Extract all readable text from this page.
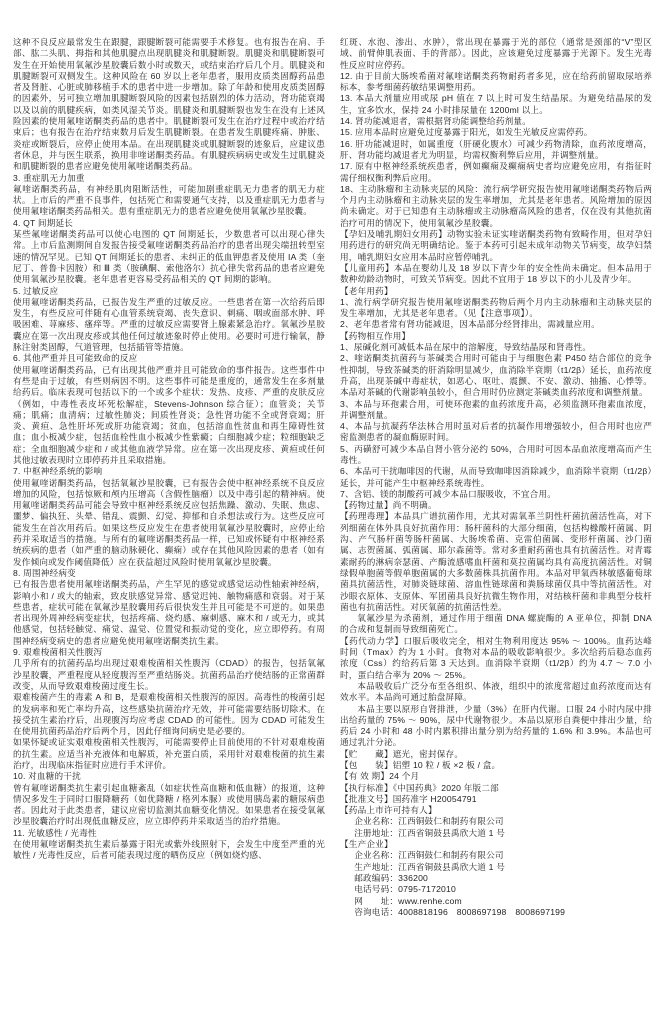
这种不良反应最常发生在跟腱，跟腱断裂可能需要手术修复。也有报告在肩、手部、肱二头肌、拇指和其他肌腱点出现肌腱炎和肌腱断裂。肌腱炎和肌腱断裂可发生在开始使用氧氟沙星胶囊后数小时或数天，或结束治疗后几个月。肌腱炎和肌腱断裂可双侧发生。这种风险在 60 岁以上老年患者，服用皮质类固醇药品患者及肾脏、心脏或肺移植手术的患者中进一步增加。除了年龄和使用皮质类固醇的因素外，另可独立增加肌腱断裂风险的因素包括剧烈的体力活动，肾功能衰竭以及以前的肌腱疾病，如类风湿关节炎。肌腱炎和肌腱断裂也发生在没有上述风险因素的使用氟喹诺酮类药品的患者中。肌腱断裂可发生在治疗过程中或治疗结束后；也有报告在治疗结束数月后发生肌腱断裂。在患者发生肌腱疼痛、肿胀、炎症或断裂后，应停止使用本品。在出现肌腱炎或肌腱断裂的迹象后，应建议患者休息，并与医生联系，换用非喹诺酮类药品。有肌腱疾病病史或发生过肌腱炎和肌腱断裂的患者应避免使用氟喹诺酮类药品。

3. 重症肌无力加重

氟喹诺酮类药品，有神经肌肉阻断活性，可能加剧重症肌无力患者的肌无力症状。上市后的严重不良事件，包括死亡和需要通气支持，以及重症肌无力患者与使用氟喹诺酮类药品相关。患有重症肌无力的患者应避免使用氧氟沙星胶囊。

4. QT 间期延长

某些氟喹诺酮类药品可以使心电图的 QT 间期延长，少数患者可以出现心律失常。上市后监测期间自发报告接受氟喹诺酮类药品治疗的患者出现尖端扭转型室速的情况罕见。已知 QT 间期延长的患者、未纠正的低血钾患者及使用 IA 类（奎尼丁、普鲁卡因胺）和 Ⅲ 类（胺碘酮、索他洛尔）抗心律失常药品的患者应避免使用氧氟沙星胶囊。老年患者更容易受药品相关的 QT 间期的影响。

5. 过敏反应

使用氟喹诺酮类药品，已报告发生严重的过敏反应。一些患者在第一次给药后即发生，有些反应可伴随有心血管系统衰竭、丧失意识、刺痛、咽或面部水肿、呼吸困难、荨麻疹、瘙痒等。严重的过敏反应需要肾上腺素紧急治疗。氧氟沙星胶囊应在第一次出现皮疹或其他任何过敏迹象时停止使用。必要时可进行输氧，静脉注射类固醇，气道管理，包括插管等措施。

6. 其他严重并且可能致命的反应

使用氟喹诺酮类药品，已有出现其他严重并且可能致命的事件报告。这些事件中有些是由于过敏，有些则病因不明。这些事件可能是重度的，通常发生在多剂量给药后。临床表现可包括以下的一个或多个症状：发热、皮疹、严重的皮肤反应（例如，中毒性表皮坏死松解症，Stevens-Johnson 综合征）；血管炎；关节痛；肌痛；血清病；过敏性肺炎；间质性肾炎；急性肾功能不全或肾衰竭；肝炎、黄疸、急性肝坏死或肝功能衰竭；贫血，包括溶血性贫血和再生障碍性贫血；血小板减少症，包括血栓性血小板减少性紫癜；白细胞减少症；粒细胞缺乏症；全血细胞减少症和 / 或其他血液学异常。应在第一次出现皮疹、黄疸或任何其他过敏表现时立即停药并且采取措施。

7. 中枢神经系统的影响

使用氟喹诺酮类药品，包括氧氟沙星胶囊，已有报告会使中枢神经系统不良反应增加的风险，包括惊厥和颅内压增高（含假性脑瘤）以及中毒引起的精神病。使用氟喹诺酮类药品可能会导致中枢神经系统反应包括焦躁、激动、失眠、焦虑、噩梦、偏执狂、头晕、错乱、震颤、幻觉、抑郁和自杀想法或行为。这些反应可能发生在首次用药后。如果这些反应发生在患者使用氧氟沙星胶囊时，应停止给药并采取适当的措施。与所有的氟喹诺酮类药品一样，已知或怀疑有中枢神经系统疾病的患者（如严重的脑动脉硬化、癫痫）或存在其他风险因素的患者（如有发作倾向或发作阈值降低）应在获益超过风险时使用氧氟沙星胶囊。

8. 周围神经病变

已有报告患者使用氟喹诺酮类药品，产生罕见的感觉或感觉运动性轴索神经病，影响小和 / 或大的轴索，致皮肤感觉异常、感觉迟钝、触物痛感和衰弱。对于某些患者，症状可能在氧氟沙星胶囊用药后很快发生并且可能是不可逆的。如果患者出现外周神经病变症状，包括疼痛、烧灼感、麻刺感、麻木和 / 或无力，或其他感觉，包括轻触觉、痛觉、温觉、位置觉和振动觉的变化，应立即停药。有周围神经病变病史的患者应避免使用氟喹诺酮类抗生素。

9. 艰难梭菌相关性腹泻

几乎所有的抗菌药品均出现过艰难梭菌相关性腹泻（CDAD）的报告，包括氧氟沙星胶囊，严重程度从轻度腹泻至严重结肠炎。抗菌药品治疗使结肠的正常菌群改变，从而导致艰难梭菌过度生长。

艰难梭菌产生的毒素 A 和 B，是艰难梭菌相关性腹泻的原因。高毒性的梭菌引起的发病率和死亡率均升高，这些感染抗菌治疗无效，并可能需要结肠切除术。在接受抗生素治疗后，出现腹泻均应考虑 CDAD 的可能性。因为 CDAD 可能发生在使用抗菌药品治疗后两个月，因此仔细询问病史是必要的。

如果怀疑或证实艰难梭菌相关性腹泻，可能需要停止目前使用的不针对艰难梭菌的抗生素。应适当补充液体和电解质，补充蛋白质，采用针对艰难梭菌的抗生素治疗，出现临床指征时应进行手术评价。

10. 对血糖的干扰

曾有氟喹诺酮类抗生素引起血糖紊乱（如症状性高血糖和低血糖）的报道，这种情况多发生于同时口服降糖药（如优降糖 / 格列本脲）或使用胰岛素的糖尿病患者。因此对于此类患者，建议应密切监测其血糖变化情况。如果患者在接受氧氟沙星胶囊治疗时出现低血糖反应，应立即停药并采取适当的治疗措施。

11. 光敏感性 / 光毒性

在使用氟喹诺酮类抗生素后暴露于阳光或紫外线照射下，会发生中度至严重的光敏性 / 光毒性反应，后者可能表现过度的晒伤反应（例如烧灼感、

红斑、水泡、渗出、水肿），常出现在暴露于光的部位（通常是颈部的“V”型区域、前臂伸肌表面、手的背部）。因此，应该避免过度暴露于光源下。发生光毒性反应时应停药。

12. 由于目前大肠埃希菌对氟喹诺酮类药物耐药者多见，应在给药前留取尿培养标本，参考细菌药敏结果调整用药。

13. 本品大剂量应用或尿 pH 值在 7 以上时可发生结晶尿。为避免结晶尿的发生，宜多饮水，保持 24 小时排尿量在 1200ml 以上。

14. 肾功能减退者，需根据肾功能调整给药剂量。

15. 应用本品时应避免过度暴露于阳光，如发生光敏反应需停药。

16. 肝功能减退时，如属重度（肝硬化腹水）可减少药物清除，血药浓度增高，肝、肾功能均减退者尤为明显，均需权衡利弊后应用，并调整剂量。

17. 原有中枢神经系统疾患者，例如癫痫及癫痫病史者均应避免应用，有指征时需仔细权衡利弊后应用。

18、主动脉瘤和主动脉夹层的风险：流行病学研究报告使用氟喹诺酮类药物后两个月内主动脉瘤和主动脉夹层的发生率增加，尤其是老年患者。风险增加的原因尚未确定。对于已知患有主动脉瘤或主动脉瘤高风险的患者，仅在没有其他抗菌治疗可用的情况下，使用氧氟沙星胶囊。

【孕妇及哺乳期妇女用药】动物实验未证实喹诺酮类药物有致畸作用，但对孕妇用药进行的研究尚无明确结论。鉴于本药可引起未成年动物关节病变，故孕妇禁用，哺乳期妇女应用本品时应暂停哺乳。

【儿童用药】本品在婴幼儿及 18 岁以下青少年的安全性尚未确定。但本品用于数种幼龄动物时，可致关节病变。因此不宜用于 18 岁以下的小儿及青少年。

【老年用药】

1、流行病学研究报告使用氟喹诺酮类药物后两个月内主动脉瘤和主动脉夹层的发生率增加，尤其是老年患者。（见【注意事项】）。

2、老年患者常有肾功能减退，因本品部分经肾排出，需减量应用。

【药物相互作用】

1、尿碱化剂可减低本品在尿中的溶解度，导致结晶尿和肾毒性。

2、喹诺酮类抗菌药与茶碱类合用时可能由于与细胞色素 P450 结合部位的竞争性抑制，导致茶碱类的肝消除明显减少，血消除半衰期（t1/2β）延长，血药浓度升高，出现茶碱中毒症状，如恶心、呕吐、震颤、不安、激动、抽搐、心悸等。本品对茶碱的代谢影响虽较小，但合用时仍应测定茶碱类血药浓度和调整剂量。

3、本品与环孢素合用，可使环孢素的血药浓度升高，必须监测环孢素血浓度，并调整剂量。

4、本品与抗凝药华法林合用时虽对后者的抗凝作用增强较小，但合用时也应严密监测患者的凝血酶原时间。

5、丙磺舒可减少本品自肾小管分泌约 50%，合用时可因本品血浓度增高而产生毒性。

6、本品可干扰咖啡因的代谢，从而导致咖啡因消除减少，血消除半衰期（t1/2β）延长，并可能产生中枢神经系统毒性。

7、含铝、镁的制酸药可减少本品口服吸收，不宜合用。

【药物过量】尚不明确。

【药理毒理】本品具广谱抗菌作用，尤其对需氧革兰阴性杆菌抗菌活性高，对下列细菌在体外具良好抗菌作用：肠杆菌科的大部分细菌，包括构橼酸杆菌属、阴沟、产气肠杆菌等肠杆菌属、大肠埃希菌、克雷伯菌属、变形杆菌属、沙门菌属、志贺菌属、弧菌属、耶尔森菌等。常对多重耐药菌也具有抗菌活性。对青霉素耐药的淋病奈瑟菌、产酶流感嗜血杆菌和莫拉菌属均具有高度抗菌活性。对铜绿假单胞菌等假单胞菌属的大多数菌株具抗菌作用。本品对甲氧西林敏感葡萄球菌具抗菌活性，对肺炎链球菌、溶血性链球菌和粪肠球菌仅具中等抗菌活性。对沙眼衣原体、支原体、军团菌具良好抗微生物作用，对结核杆菌和非典型分枝杆菌也有抗菌活性。对厌氧菌的抗菌活性差。

氧氟沙星为杀菌剂，通过作用于细菌 DNA 螺旋酶的 A 亚单位，抑制 DNA 的合成和复制而导致细菌死亡。

【药代动力学】口服后吸收完全，相对生物利用度达 95% ～ 100%。血药达峰时间（Tmax）约为 1 小时。食物对本品的吸收影响很少。多次给药后稳态血药浓度（Css）约给药后第 3 天达到。血消除半衰期（t1/2β）约为 4.7 ～ 7.0 小时，蛋白结合率为 20% ～ 25%。

本品吸收后广泛分布至各组织、体液，组织中的浓度常超过血药浓度而达有效水平。本品尚可通过胎盘屏障。

本品主要以原形自肾排泄，少量（3%）在肝内代谢。口服 24 小时内尿中排出给药量的 75% ～ 90%，尿中代谢物很少。本品以原形自粪便中排出少量，给药后 24 小时和 48 小时内累积排出量分别为给药量的 1.6% 和 3.9%。本品也可通过乳汁分泌。

【贮　　藏】遮光，密封保存。

【包　　装】铝塑 10 粒 / 板 ×2 板 / 盒。

【有 效 期】24 个月

【执行标准】《中国药典》2020 年版二部

【批准文号】国药准字 H20054791

【药品上市许可持有人】

企业名称：江西铜鼓仁和制药有限公司

注册地址：江西省铜鼓县禹欣大道 1 号

【生产企业】

企业名称：江西铜鼓仁和制药有限公司

生产地址：江西省铜鼓县禹欣大道 1 号

邮政编码：336200

电话号码：0795-7172010

网　　址：www.renhe.com

咨询电话：4008818196　8008697198　8008697199
